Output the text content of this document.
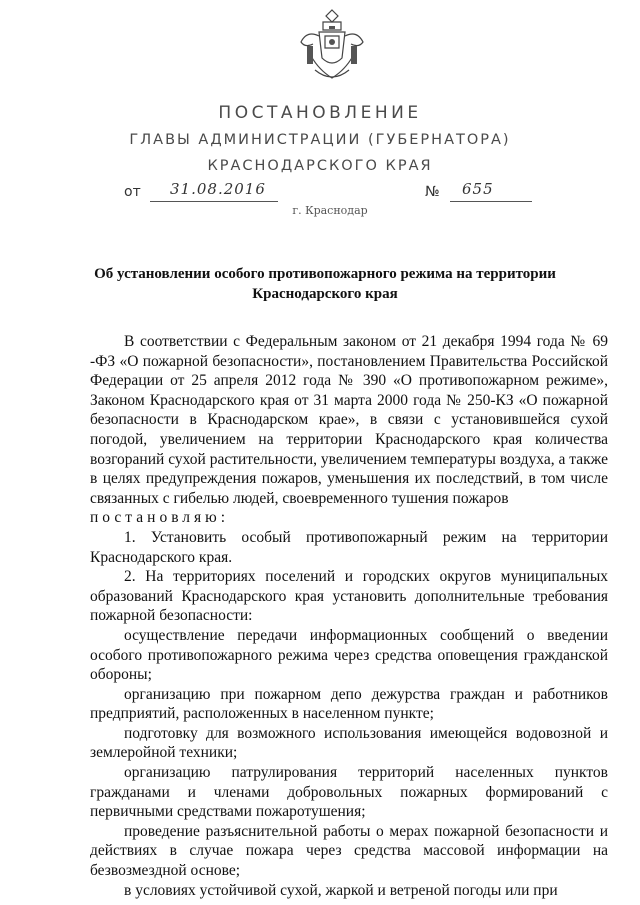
ПОСТАНОВЛЕНИЕ
ГЛАВЫ АДМИНИСТРАЦИИ (ГУБЕРНАТОРА)
КРАСНОДАРСКОГО КРАЯ
от 31.08.2016	№ 655
г. Краснодар
Об установлении особого противопожарного режима на территории
Краснодарского края

В соответствии с Федеральным законом от 21 декабря 1994 года № 69 -ФЗ «О пожарной безопасности», постановлением Правительства Российской Федерации от 25 апреля 2012 года № 390 «О противопожарном режиме», Законом Краснодарского края от 31 марта 2000 года № 250-КЗ «О пожарной безопасности в Краснодарском крае», в связи с установившейся сухой погодой, увеличением на территории Краснодарского края количества возгораний сухой растительности, увеличением температуры воздуха, а также в целях предупреждения пожаров, уменьшения их последствий, в том числе связанных с гибелью людей, своевременного тушения пожаров
постановляю:

1. Установить особый противопожарный режим на территории Краснодарского края.

2. На территориях поселений и городских округов муниципальных образований Краснодарского края установить дополнительные требования пожарной безопасности:

осуществление передачи информационных сообщений о введении особого противопожарного режима через средства оповещения гражданской обороны;

организацию при пожарном депо дежурства граждан и работников предприятий, расположенных в населенном пункте;

подготовку для возможного использования имеющейся водовозной и землеройной техники;

организацию патрулирования территорий населенных пунктов гражданами и членами добровольных пожарных формирований с первичными средствами пожаротушения;

проведение разъяснительной работы о мерах пожарной безопасности и действиях в случае пожара через средства массовой информации на безвозмездной основе;

в условиях устойчивой сухой, жаркой и ветреной погоды или при
